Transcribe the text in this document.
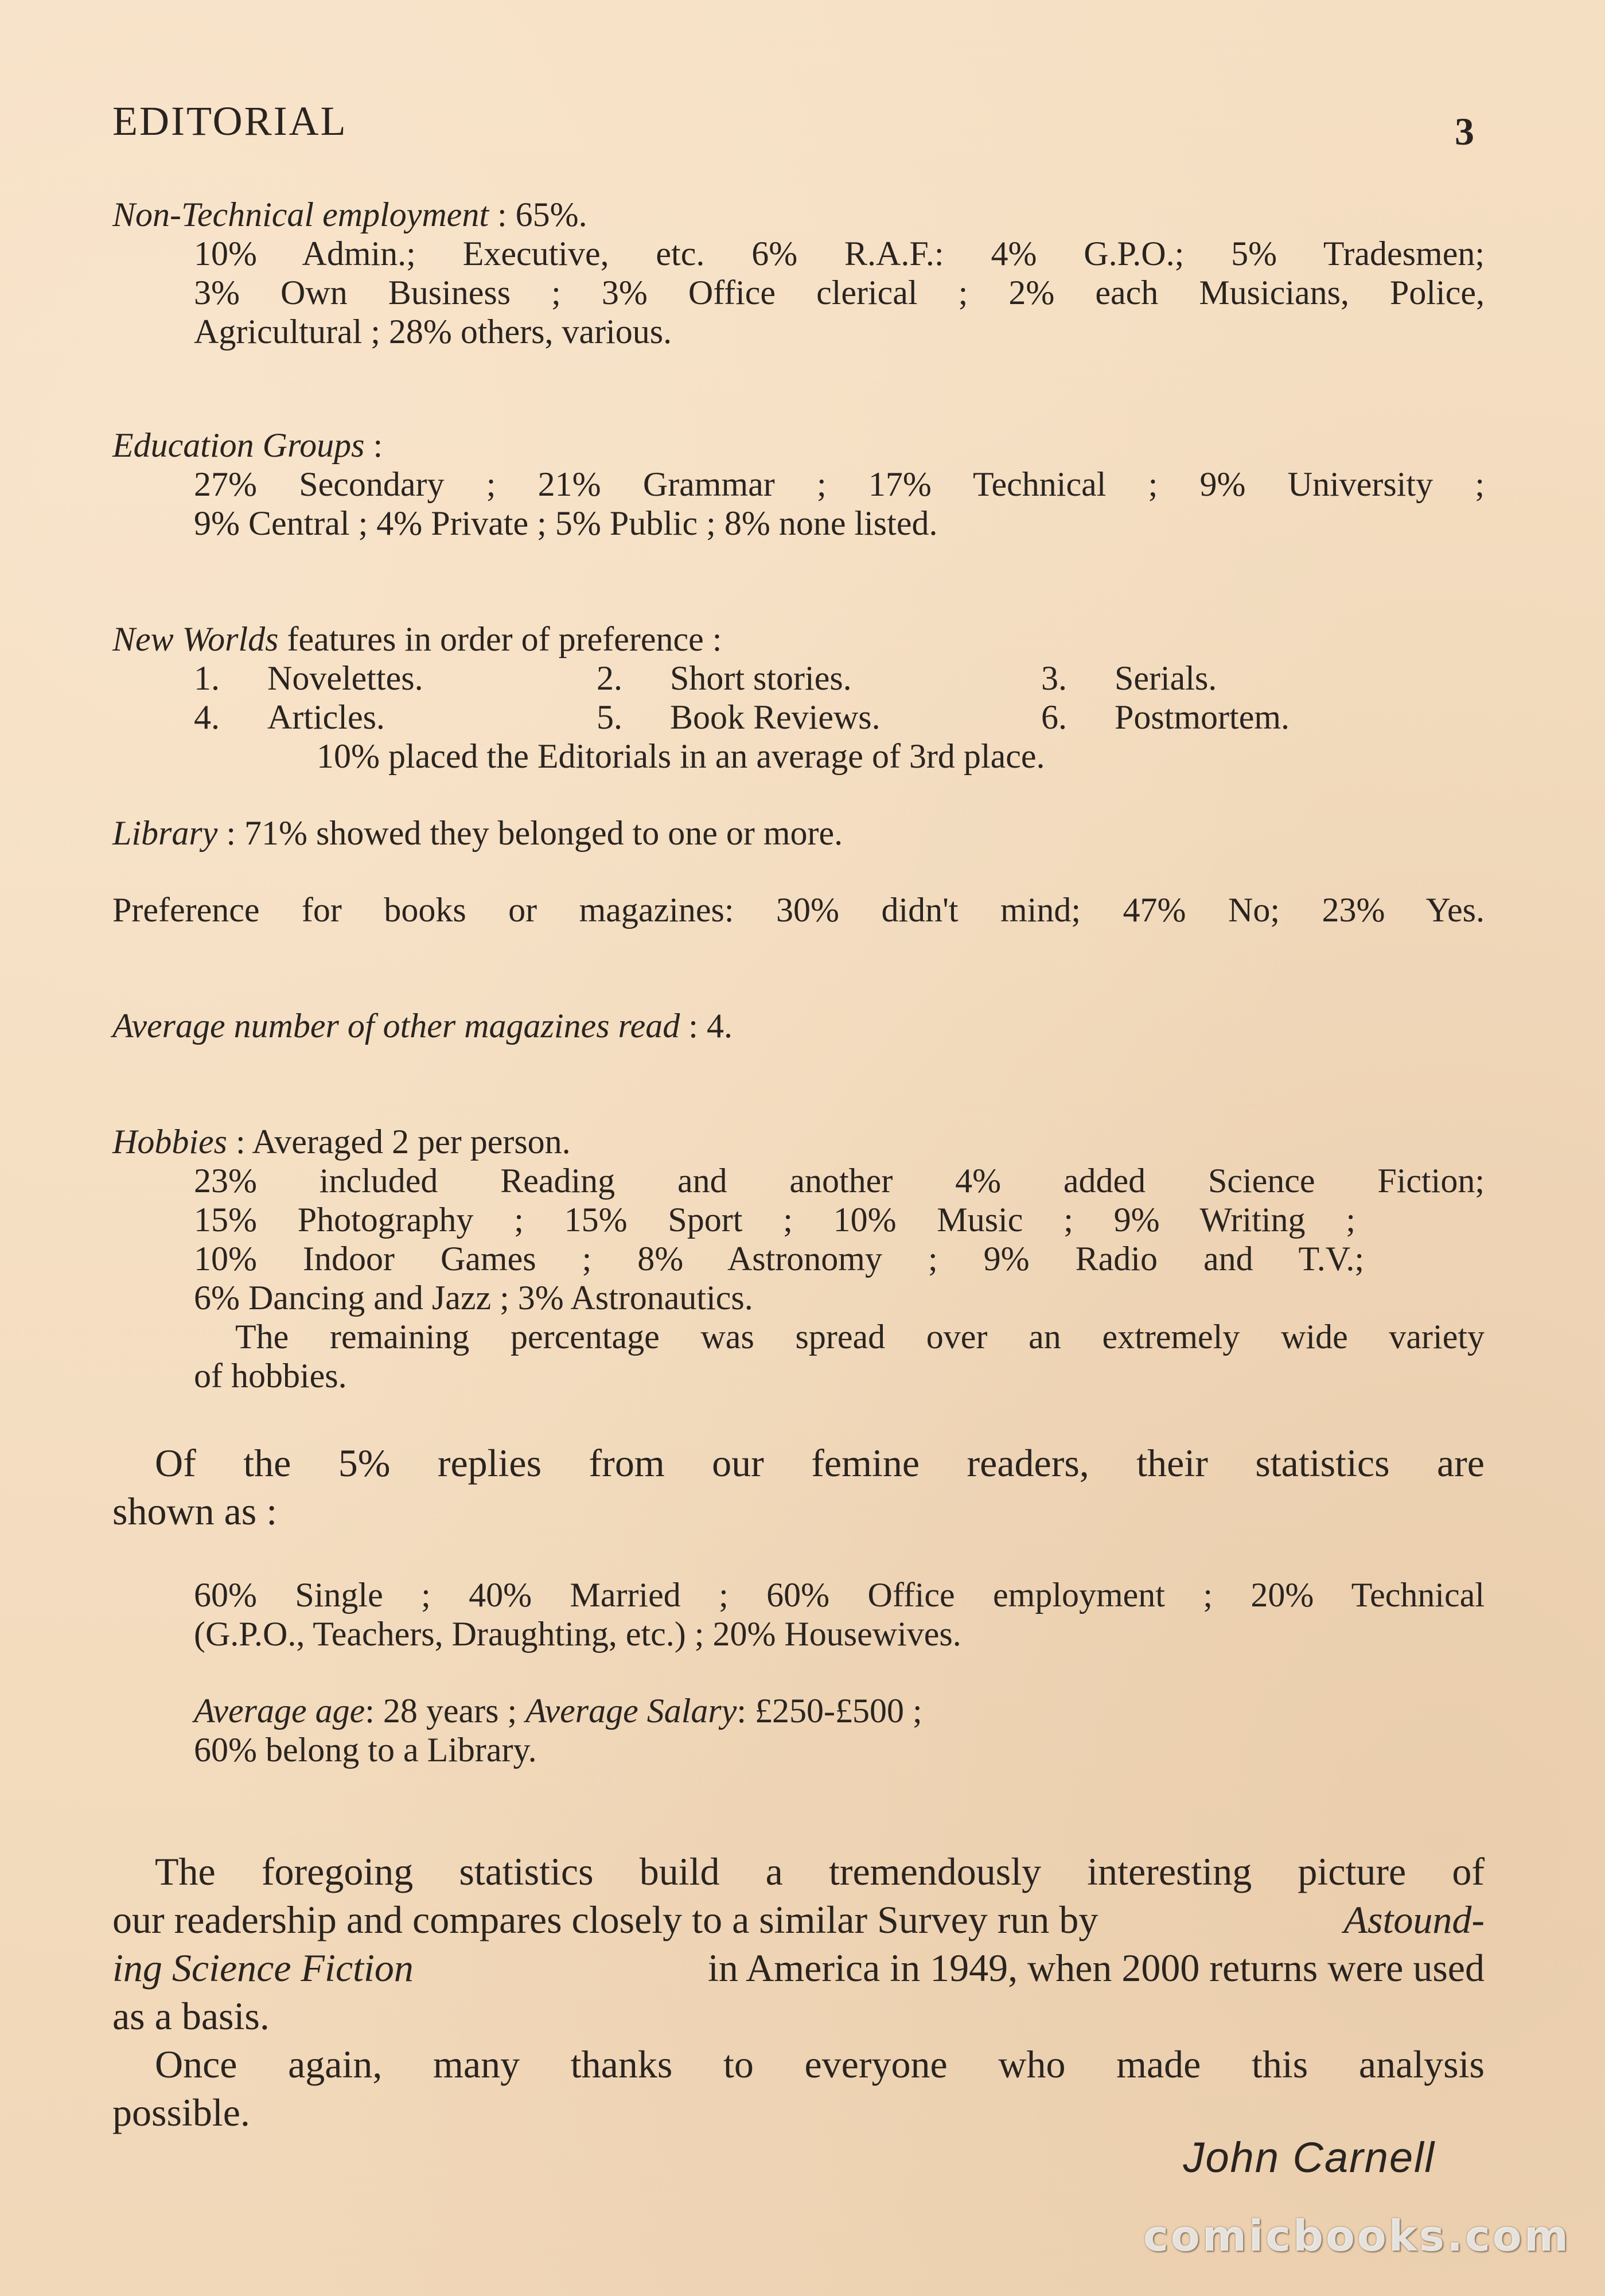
EDITORIAL	3
Non-Technical employment : 65%.
10% Admin.; Executive, etc. 6% R.A.F.: 4% G.P.O.; 5% Tradesmen;
3% Own Business ; 3% Office clerical ; 2% each Musicians, Police,
Agricultural ; 28% others, various.
Education Groups :
27% Secondary ; 21% Grammar ; 17% Technical ; 9% University ;
9% Central ; 4% Private ; 5% Public ; 8% none listed.
New Worlds features in order of preference :
1. Novelettes.	2. Short stories.	3. Serials.
4. Articles.	5. Book Reviews.	6. Postmortem.
10% placed the Editorials in an average of 3rd place.
Library : 71% showed they belonged to one or more.
Preference for books or magazines: 30% didn't mind; 47% No; 23% Yes.
Average number of other magazines read : 4.
Hobbies : Averaged 2 per person.
23% included Reading and another 4% added Science Fiction;
15% Photography ; 15% Sport ; 10% Music ; 9% Writing ;
10% Indoor Games ; 8% Astronomy ; 9% Radio and T.V.;
6% Dancing and Jazz ; 3% Astronautics.
The remaining percentage was spread over an extremely wide variety
of hobbies.
Of the 5% replies from our femine readers, their statistics are
shown as :
60% Single ; 40% Married ; 60% Office employment ; 20% Technical
(G.P.O., Teachers, Draughting, etc.) ; 20% Housewives.
Average age: 28 years ; Average Salary: £250-£500 ;
60% belong to a Library.
The foregoing statistics build a tremendously interesting picture of
our readership and compares closely to a similar Survey run by	Astound-
ing Science Fiction	in America in 1949, when 2000 returns were used
as a basis.
Once again, many thanks to everyone who made this analysis
possible.
John Carnell
comicbooks.com
